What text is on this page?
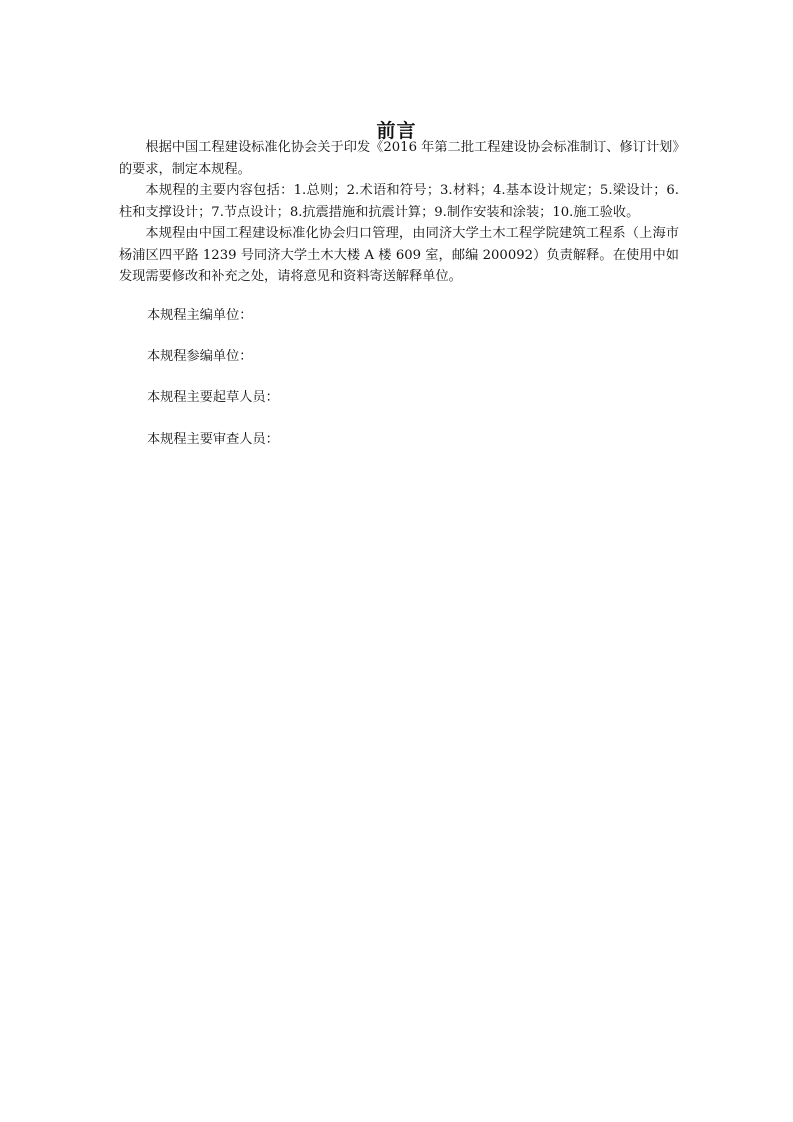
前言

根据中国工程建设标准化协会关于印发《2016 年第二批工程建设协会标准制订、修订计划》的要求，制定本规程。

本规程的主要内容包括：1.总则；2.术语和符号；3.材料；4.基本设计规定；5.梁设计；6.柱和支撑设计；7.节点设计；8.抗震措施和抗震计算；9.制作安装和涂装；10.施工验收。

本规程由中国工程建设标准化协会归口管理，由同济大学土木工程学院建筑工程系（上海市杨浦区四平路 1239 号同济大学土木大楼 A 楼 609 室，邮编 200092）负责解释。在使用中如发现需要修改和补充之处，请将意见和资料寄送解释单位。

本规程主编单位：

本规程参编单位：

本规程主要起草人员：

本规程主要审查人员：
